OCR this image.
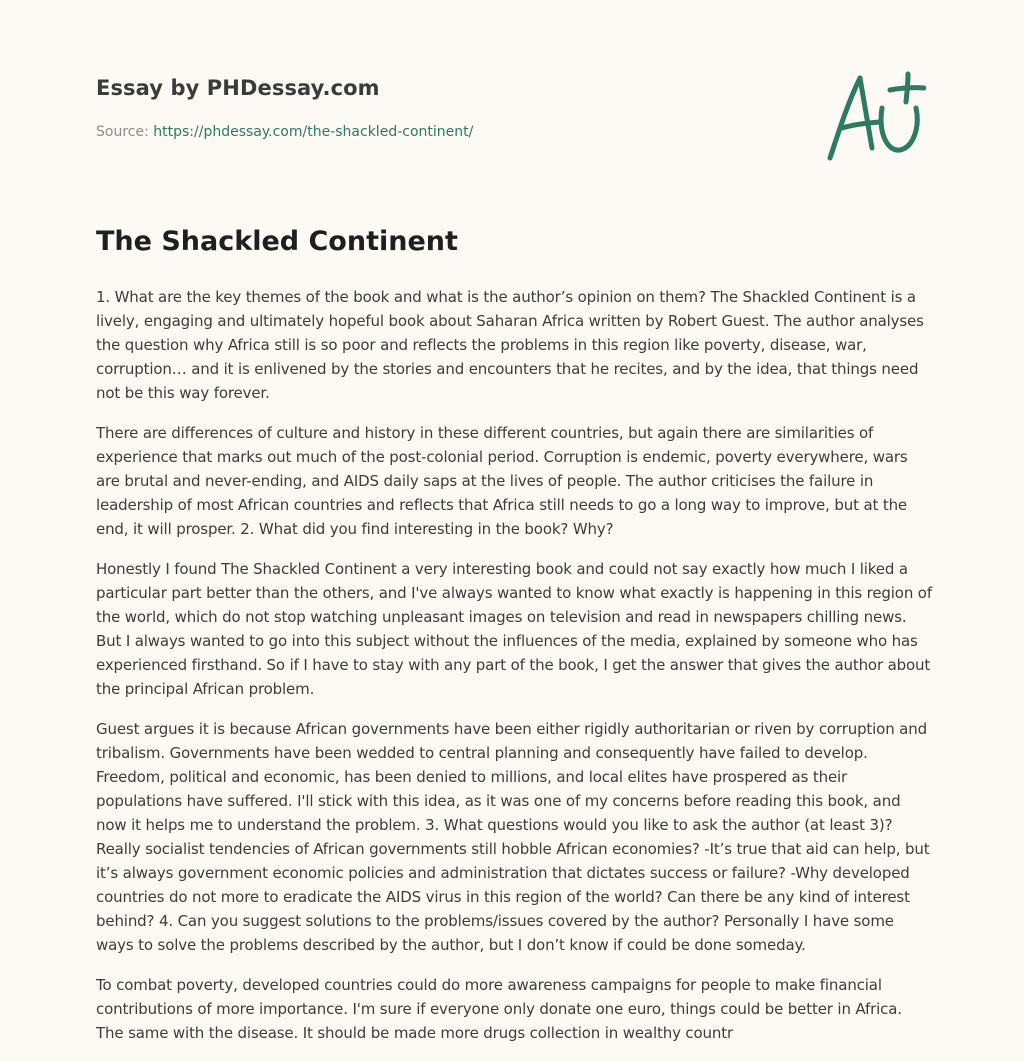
Essay by PHDessay.com
Source: https://phdessay.com/the-shackled-continent/
The Shackled Continent

1. What are the key themes of the book and what is the author’s opinion on them? The Shackled Continent is a lively, engaging and ultimately hopeful book about Saharan Africa written by Robert Guest. The author analyses the question why Africa still is so poor and reflects the problems in this region like poverty, disease, war, corruption… and it is enlivened by the stories and encounters that he recites, and by the idea, that things need not be this way forever.

There are differences of culture and history in these different countries, but again there are similarities of experience that marks out much of the post-colonial period. Corruption is endemic, poverty everywhere, wars are brutal and never-ending, and AIDS daily saps at the lives of people. The author criticises the failure in leadership of most African countries and reflects that Africa still needs to go a long way to improve, but at the end, it will prosper. 2. What did you find interesting in the book? Why?

Honestly I found The Shackled Continent a very interesting book and could not say exactly how much I liked a particular part better than the others, and I've always wanted to know what exactly is happening in this region of the world, which do not stop watching unpleasant images on television and read in newspapers chilling news. But I always wanted to go into this subject without the influences of the media, explained by someone who has experienced firsthand. So if I have to stay with any part of the book, I get the answer that gives the author about the principal African problem.

Guest argues it is because African governments have been either rigidly authoritarian or riven by corruption and tribalism. Governments have been wedded to central planning and consequently have failed to develop. Freedom, political and economic, has been denied to millions, and local elites have prospered as their populations have suffered. I'll stick with this idea, as it was one of my concerns before reading this book, and now it helps me to understand the problem. 3. What questions would you like to ask the author (at least 3)? Really socialist tendencies of African governments still hobble African economies? -It’s true that aid can help, but it’s always government economic policies and administration that dictates success or failure? -Why developed countries do not more to eradicate the AIDS virus in this region of the world? Can there be any kind of interest behind? 4. Can you suggest solutions to the problems/issues covered by the author? Personally I have some ways to solve the problems described by the author, but I don’t know if could be done someday.

To combat poverty, developed countries could do more awareness campaigns for people to make financial contributions of more importance. I'm sure if everyone only donate one euro, things could be better in Africa. The same with the disease. It should be made more drugs collection in wealthy countr
